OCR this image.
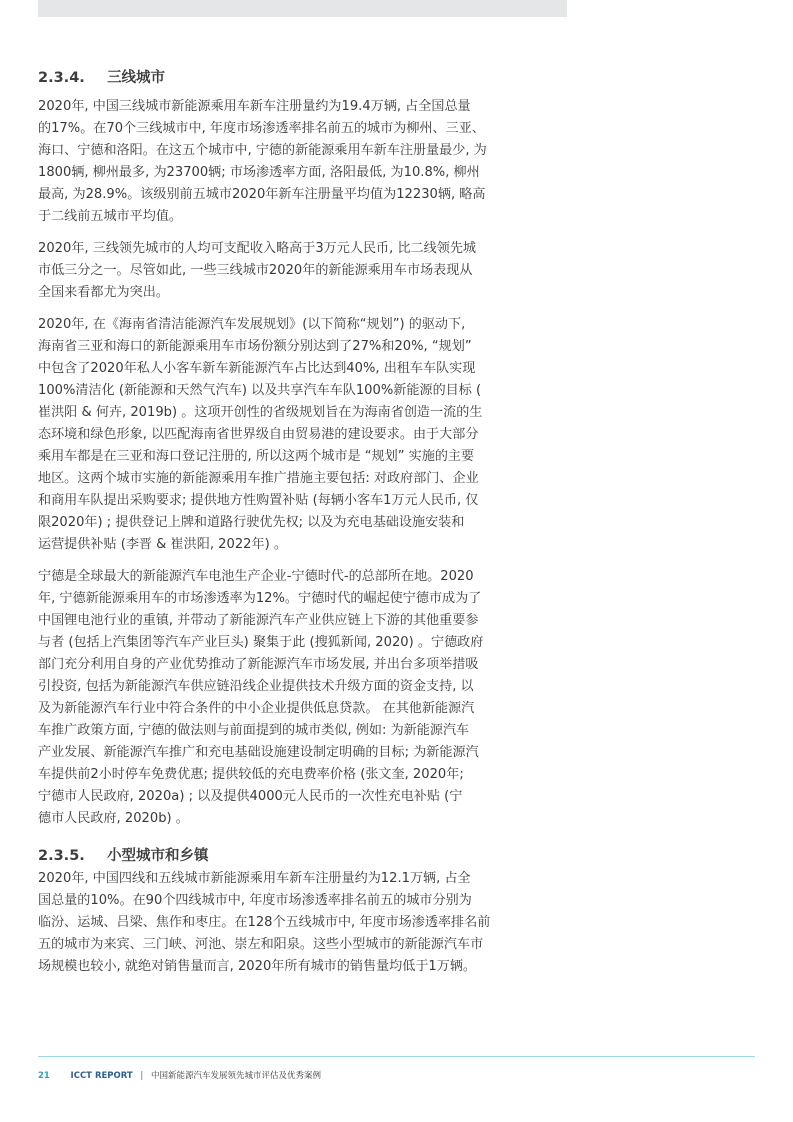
2.3.4. 三线城市

2020年, 中国三线城市新能源乘用车新车注册量约为19.4万辆, 占全国总量
的17%。在70个三线城市中, 年度市场渗透率排名前五的城市为柳州、三亚、
海口、宁德和洛阳。在这五个城市中, 宁德的新能源乘用车新车注册量最少, 为
1800辆, 柳州最多, 为23700辆; 市场渗透率方面, 洛阳最低, 为10.8%, 柳州
最高, 为28.9%。该级别前五城市2020年新车注册量平均值为12230辆, 略高
于二线前五城市平均值。

2020年, 三线领先城市的人均可支配收入略高于3万元人民币, 比二线领先城
市低三分之一。尽管如此, 一些三线城市2020年的新能源乘用车市场表现从
全国来看都尤为突出。

2020年, 在《海南省清洁能源汽车发展规划》(以下简称“规划”) 的驱动下,
海南省三亚和海口的新能源乘用车市场份额分别达到了27%和20%, “规划”
中包含了2020年私人小客车新车新能源汽车占比达到40%, 出租车车队实现
100%清洁化 (新能源和天然气汽车) 以及共享汽车车队100%新能源的目标 (
崔洪阳 & 何卉, 2019b) 。这项开创性的省级规划旨在为海南省创造一流的生
态环境和绿色形象, 以匹配海南省世界级自由贸易港的建设要求。由于大部分
乘用车都是在三亚和海口登记注册的, 所以这两个城市是 “规划” 实施的主要
地区。这两个城市实施的新能源乘用车推广措施主要包括: 对政府部门、企业
和商用车队提出采购要求; 提供地方性购置补贴 (每辆小客车1万元人民币, 仅
限2020年) ; 提供登记上牌和道路行驶优先权; 以及为充电基础设施安装和
运营提供补贴 (李晋 & 崔洪阳, 2022年) 。

宁德是全球最大的新能源汽车电池生产企业-宁德时代-的总部所在地。2020
年, 宁德新能源乘用车的市场渗透率为12%。宁德时代的崛起使宁德市成为了
中国锂电池行业的重镇, 并带动了新能源汽车产业供应链上下游的其他重要参
与者 (包括上汽集团等汽车产业巨头) 聚集于此 (搜狐新闻, 2020) 。宁德政府
部门充分利用自身的产业优势推动了新能源汽车市场发展, 并出台多项举措吸
引投资, 包括为新能源汽车供应链沿线企业提供技术升级方面的资金支持, 以
及为新能源汽车行业中符合条件的中小企业提供低息贷款。 在其他新能源汽
车推广政策方面, 宁德的做法则与前面提到的城市类似, 例如: 为新能源汽车
产业发展、新能源汽车推广和充电基础设施建设制定明确的目标; 为新能源汽
车提供前2小时停车免费优惠; 提供较低的充电费率价格 (张文奎, 2020年;
宁德市人民政府, 2020a) ; 以及提供4000元人民币的一次性充电补贴 (宁
德市人民政府, 2020b) 。

2.3.5. 小型城市和乡镇

2020年, 中国四线和五线城市新能源乘用车新车注册量约为12.1万辆, 占全
国总量的10%。在90个四线城市中, 年度市场渗透率排名前五的城市分别为
临汾、运城、吕梁、焦作和枣庄。在128个五线城市中, 年度市场渗透率排名前
五的城市为来宾、三门峡、河池、崇左和阳泉。这些小型城市的新能源汽车市
场规模也较小, 就绝对销售量而言, 2020年所有城市的销售量均低于1万辆。

21 ICCT REPORT | 中国新能源汽车发展领先城市评估及优秀案例
